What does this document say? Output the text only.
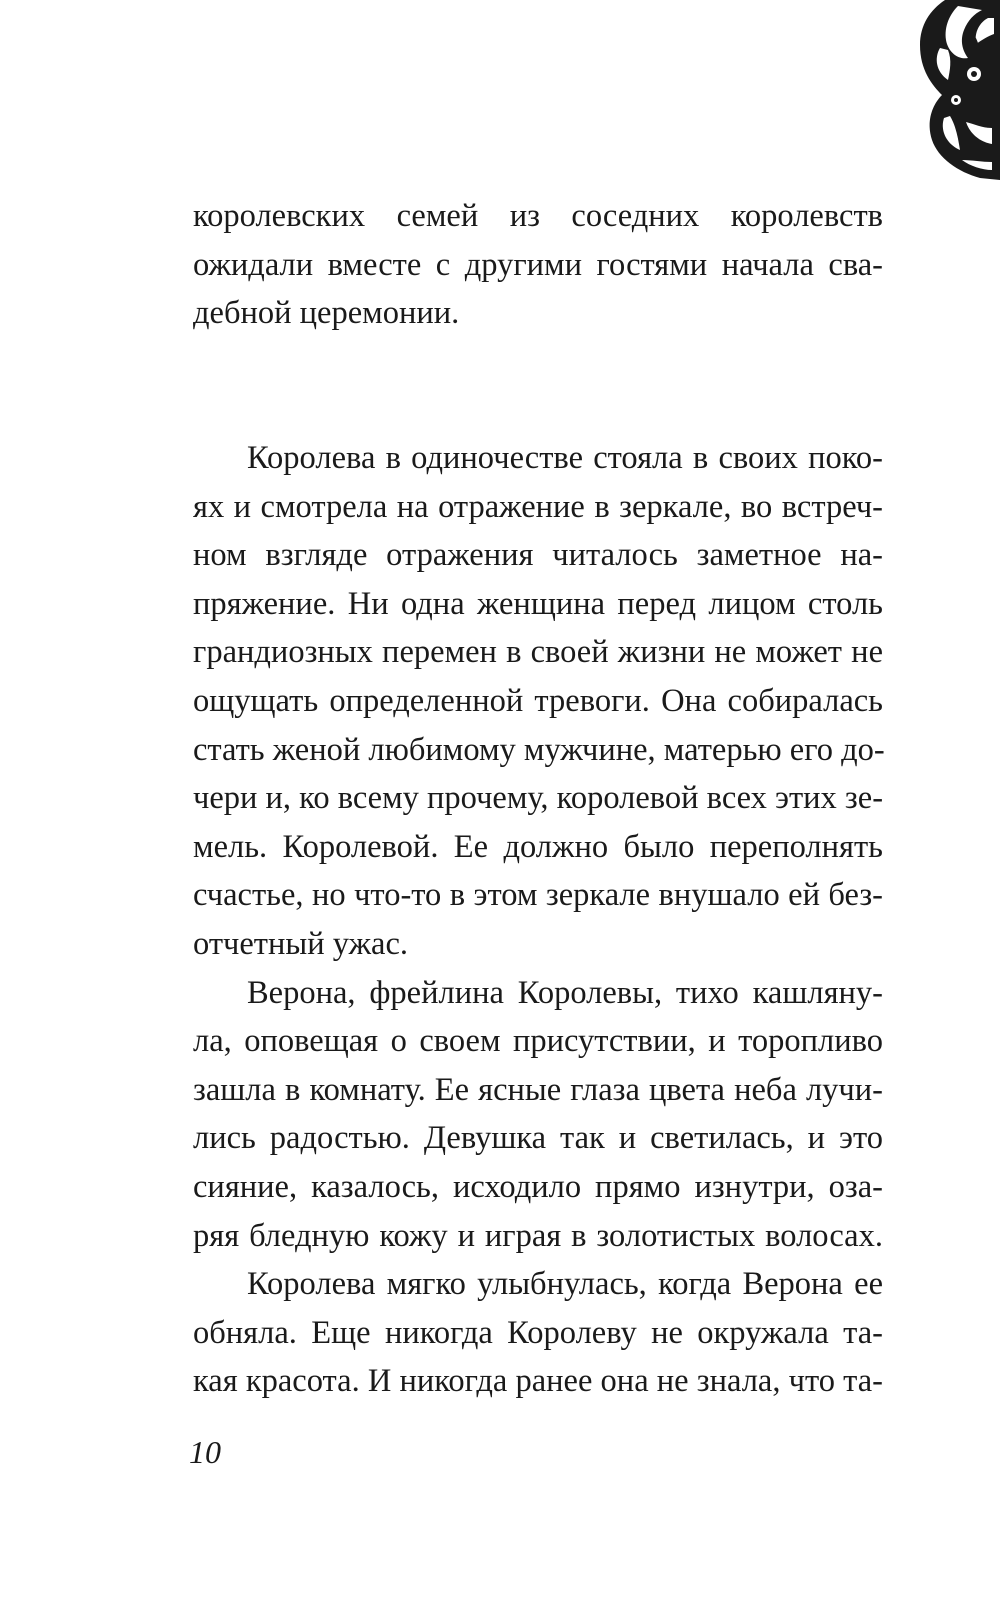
королевских семей из соседних королевств
ожидали вместе с другими гостями начала сва-
дебной церемонии.
Королева в одиночестве стояла в своих поко-
ях и смотрела на отражение в зеркале, во встреч-
ном взгляде отражения читалось заметное на-
пряжение. Ни одна женщина перед лицом столь
грандиозных перемен в своей жизни не может не
ощущать определенной тревоги. Она собиралась
стать женой любимому мужчине, матерью его до-
чери и, ко всему прочему, королевой всех этих зе-
мель. Королевой. Ее должно было переполнять
счастье, но что-то в этом зеркале внушало ей без-
отчетный ужас.
Верона, фрейлина Королевы, тихо кашляну-
ла, оповещая о своем присутствии, и торопливо
зашла в комнату. Ее ясные глаза цвета неба лучи-
лись радостью. Девушка так и светилась, и это
сияние, казалось, исходило прямо изнутри, оза-
ряя бледную кожу и играя в золотистых волосах.
Королева мягко улыбнулась, когда Верона ее
обняла. Еще никогда Королеву не окружала та-
кая красота. И никогда ранее она не знала, что та-
10
